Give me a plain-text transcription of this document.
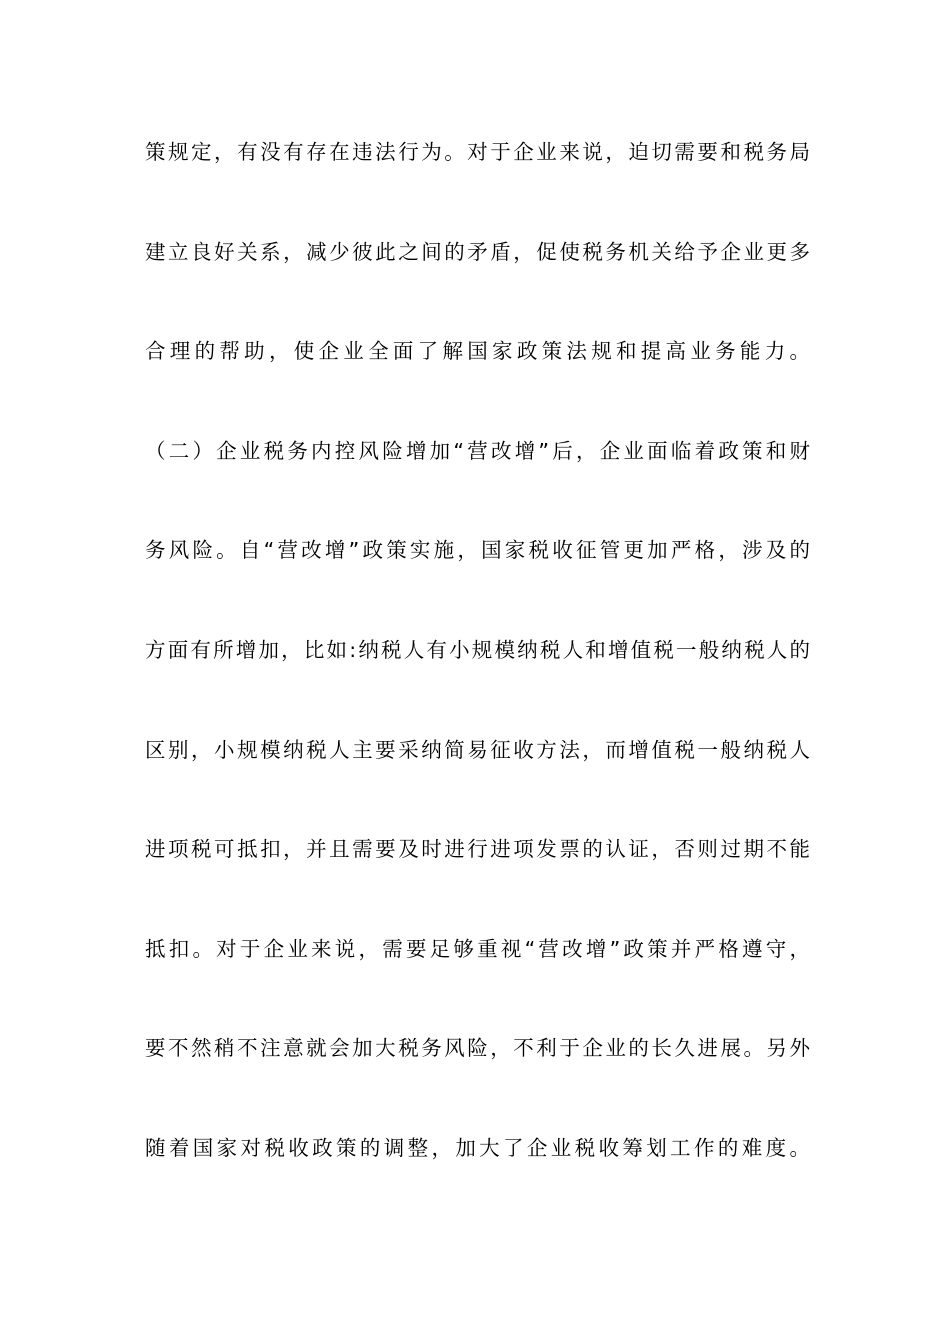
策规定，有没有存在违法行为。对于企业来说，迫切需要和税务局
建立良好关系，减少彼此之间的矛盾，促使税务机关给予企业更多
合理的帮助，使企业全面了解国家政策法规和提高业务能力。
（二）企业税务内控风险增加“营改增”后，企业面临着政策和财
务风险。自“营改增”政策实施，国家税收征管更加严格，涉及的
方面有所增加，比如:纳税人有小规模纳税人和增值税一般纳税人的
区别，小规模纳税人主要采纳简易征收方法，而增值税一般纳税人
进项税可抵扣，并且需要及时进行进项发票的认证，否则过期不能
抵扣。对于企业来说，需要足够重视“营改增”政策并严格遵守，
要不然稍不注意就会加大税务风险，不利于企业的长久进展。另外
随着国家对税收政策的调整，加大了企业税收筹划工作的难度。
